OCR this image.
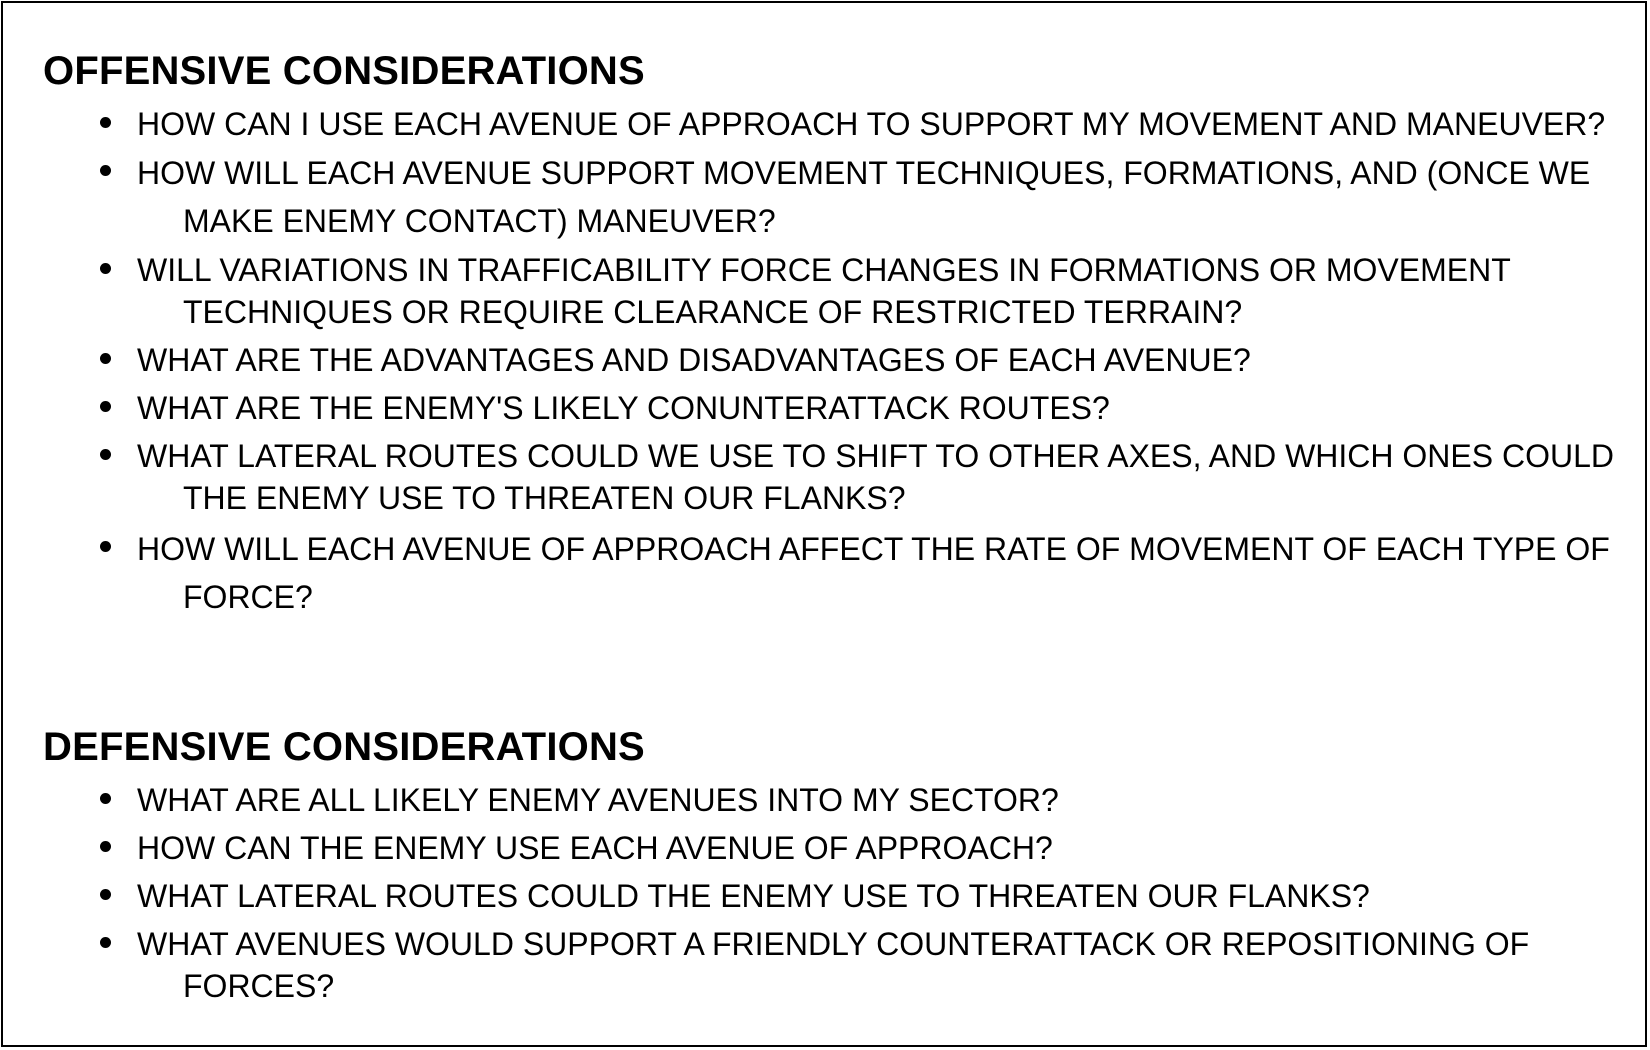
OFFENSIVE CONSIDERATIONS
HOW CAN I USE EACH AVENUE OF APPROACH TO SUPPORT MY MOVEMENT AND MANEUVER?
HOW WILL EACH AVENUE SUPPORT MOVEMENT TECHNIQUES, FORMATIONS, AND (ONCE WE MAKE ENEMY CONTACT) MANEUVER?
WILL VARIATIONS IN TRAFFICABILITY FORCE CHANGES IN FORMATIONS OR MOVEMENT TECHNIQUES OR REQUIRE CLEARANCE OF RESTRICTED TERRAIN?
WHAT ARE THE ADVANTAGES AND DISADVANTAGES OF EACH AVENUE?
WHAT ARE THE ENEMY'S LIKELY CONUNTERATTACK ROUTES?
WHAT LATERAL ROUTES COULD WE USE TO SHIFT TO OTHER AXES, AND WHICH ONES COULD THE ENEMY USE TO THREATEN OUR FLANKS?
HOW WILL EACH AVENUE OF APPROACH AFFECT THE RATE OF MOVEMENT OF EACH TYPE OF FORCE?
DEFENSIVE CONSIDERATIONS
WHAT ARE ALL LIKELY ENEMY AVENUES INTO MY SECTOR?
HOW CAN THE ENEMY USE EACH AVENUE OF APPROACH?
WHAT LATERAL ROUTES COULD THE ENEMY USE TO THREATEN OUR FLANKS?
WHAT AVENUES WOULD SUPPORT A FRIENDLY COUNTERATTACK OR REPOSITIONING OF FORCES?
